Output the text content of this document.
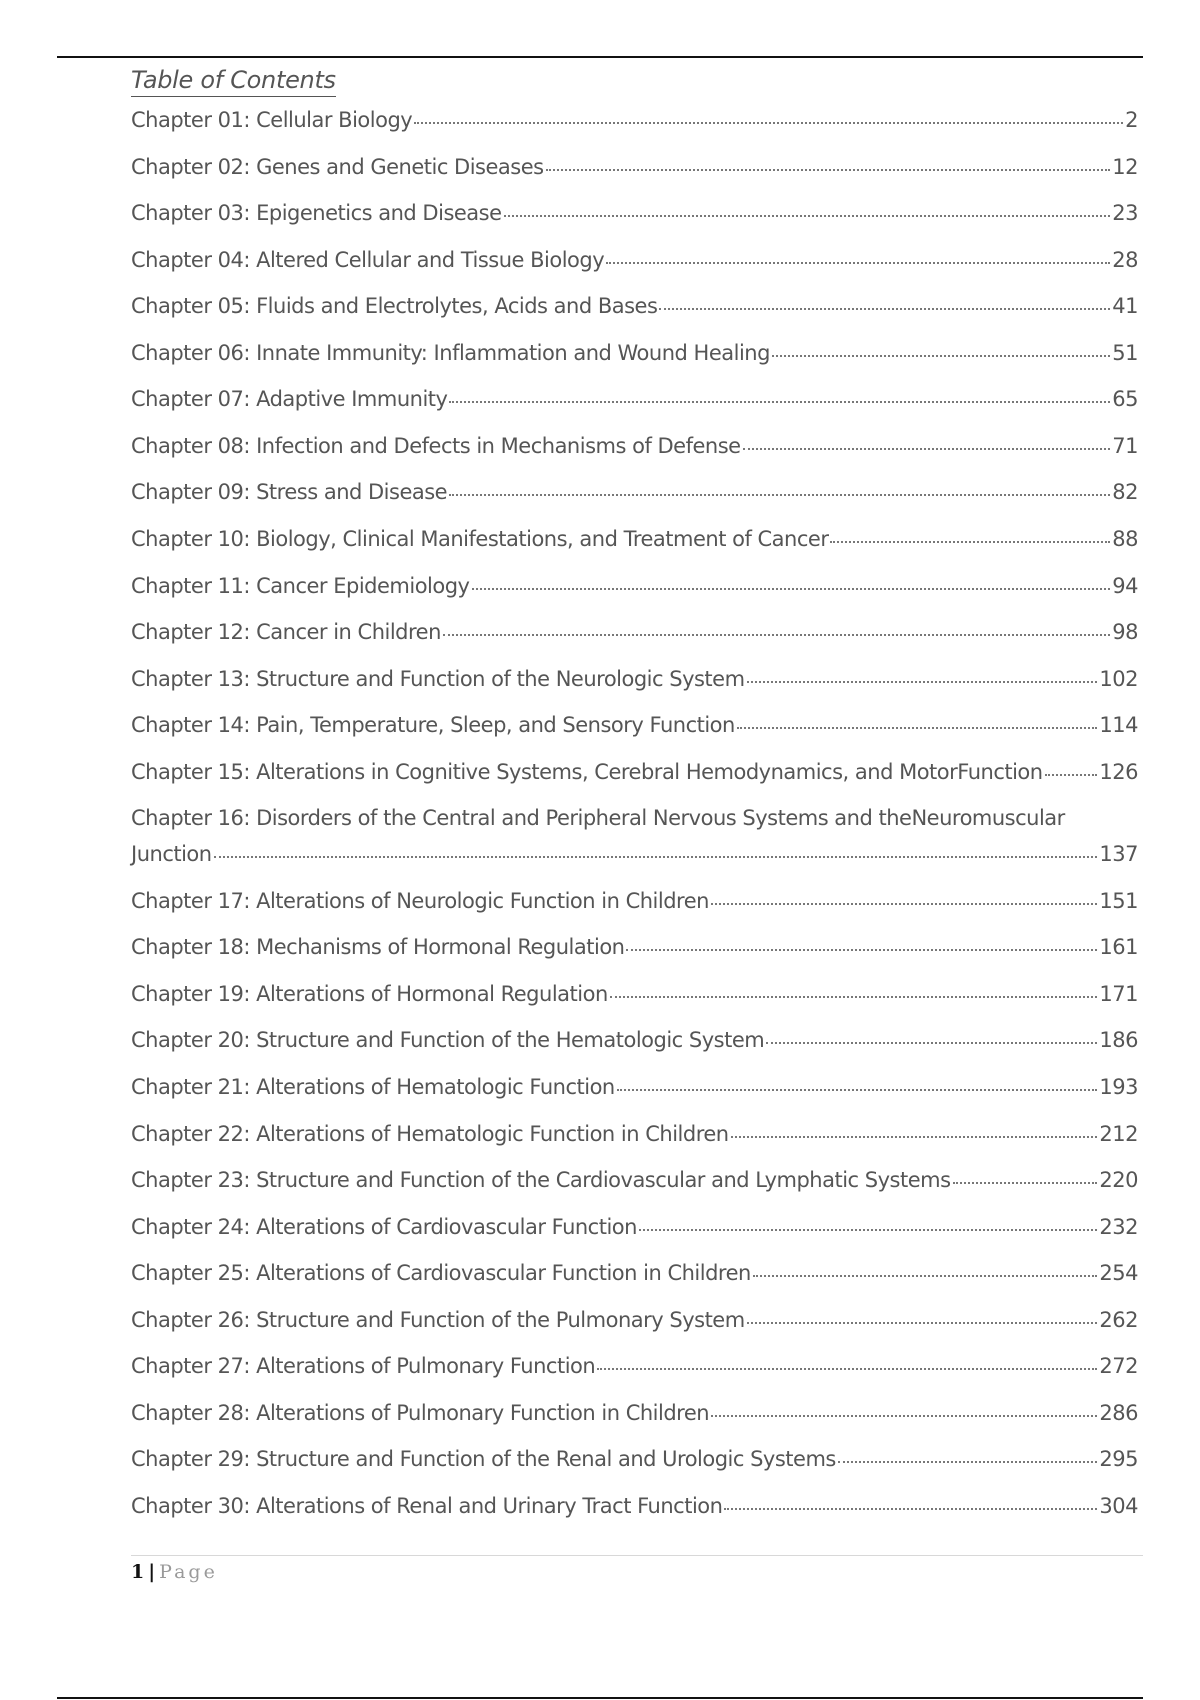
Table of Contents
Chapter 01: Cellular Biology	2
Chapter 02: Genes and Genetic Diseases	12
Chapter 03: Epigenetics and Disease	23
Chapter 04: Altered Cellular and Tissue Biology	28
Chapter 05: Fluids and Electrolytes, Acids and Bases	41
Chapter 06: Innate Immunity: Inflammation and Wound Healing	51
Chapter 07: Adaptive Immunity	65
Chapter 08: Infection and Defects in Mechanisms of Defense	71
Chapter 09: Stress and Disease	82
Chapter 10: Biology, Clinical Manifestations, and Treatment of Cancer	88
Chapter 11: Cancer Epidemiology	94
Chapter 12: Cancer in Children	98
Chapter 13: Structure and Function of the Neurologic System	102
Chapter 14: Pain, Temperature, Sleep, and Sensory Function	114
Chapter 15: Alterations in Cognitive Systems, Cerebral Hemodynamics, and MotorFunction	126
Chapter 16: Disorders of the Central and Peripheral Nervous Systems and theNeuromuscular
Junction	137
Chapter 17: Alterations of Neurologic Function in Children	151
Chapter 18: Mechanisms of Hormonal Regulation	161
Chapter 19: Alterations of Hormonal Regulation	171
Chapter 20: Structure and Function of the Hematologic System	186
Chapter 21: Alterations of Hematologic Function	193
Chapter 22: Alterations of Hematologic Function in Children	212
Chapter 23: Structure and Function of the Cardiovascular and Lymphatic Systems	220
Chapter 24: Alterations of Cardiovascular Function	232
Chapter 25: Alterations of Cardiovascular Function in Children	254
Chapter 26: Structure and Function of the Pulmonary System	262
Chapter 27: Alterations of Pulmonary Function	272
Chapter 28: Alterations of Pulmonary Function in Children	286
Chapter 29: Structure and Function of the Renal and Urologic Systems	295
Chapter 30: Alterations of Renal and Urinary Tract Function	304
1 | Page
